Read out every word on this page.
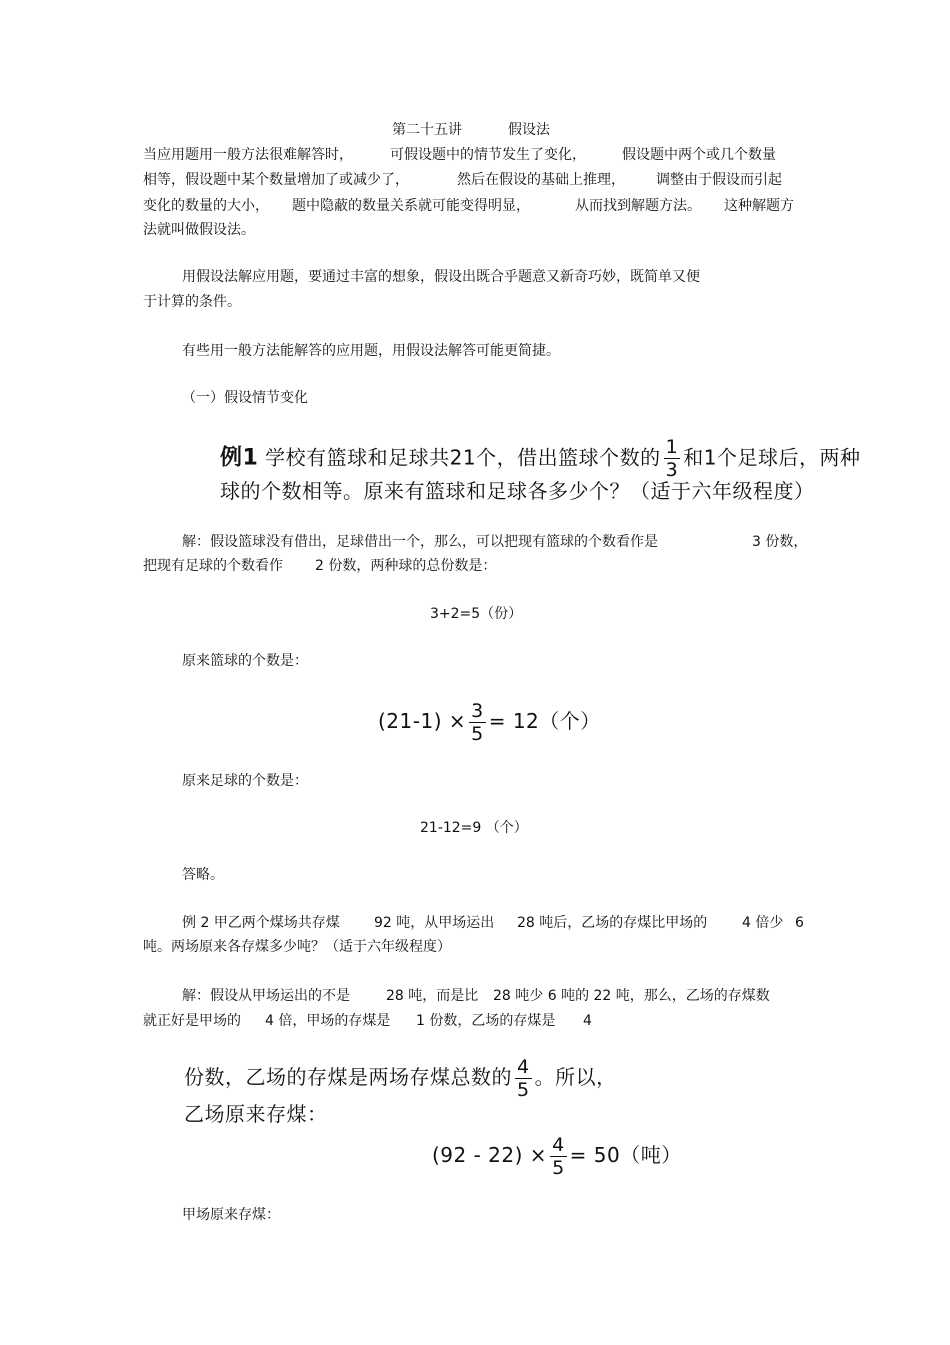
第二十五讲	假设法
当应用题用一般方法很难解答时，	可假设题中的情节发生了变化，	假设题中两个或几个数量
相等，假设题中某个数量增加了或减少了，	然后在假设的基础上推理， 调整由于假设而引起
变化的数量的大小， 题中隐蔽的数量关系就可能变得明显，	从而找到解题方法。 这种解题方
法就叫做假设法。
用假设法解应用题，要通过丰富的想象，假设出既合乎题意又新奇巧妙，既简单又便
于计算的条件。
有些用一般方法能解答的应用题，用假设法解答可能更简捷。
（一）假设情节变化
例1 学校有篮球和足球共21个，借出篮球个数的 $\frac{1}{3}$ 和1个足球后，两种
球的个数相等。原来有篮球和足球各多少个？（适于六年级程度）
解：假设篮球没有借出，足球借出一个，那么，可以把现有篮球的个数看作是	3 份数，
把现有足球的个数看作 2 份数，两种球的总份数是：
3+2=5（份）
原来篮球的个数是：
$(21-1) \times \frac{3}{5} = 12$（个）
原来足球的个数是：
21-12=9 （个）
答略。
例 2 甲乙两个煤场共存煤 92 吨，从甲场运出 28 吨后，乙场的存煤比甲场的 4 倍少 6
吨。两场原来各存煤多少吨？（适于六年级程度）
解：假设从甲场运出的不是	28 吨，而是比 28 吨少 6 吨的 22 吨，那么，乙场的存煤数
就正好是甲场的 4 倍，甲场的存煤是 1 份数，乙场的存煤是 4
份数，乙场的存煤是两场存煤总数的 $\frac{4}{5}$ 。所以，
乙场原来存煤：
$(92 - 22) \times \frac{4}{5} = 50$（吨）
甲场原来存煤：
